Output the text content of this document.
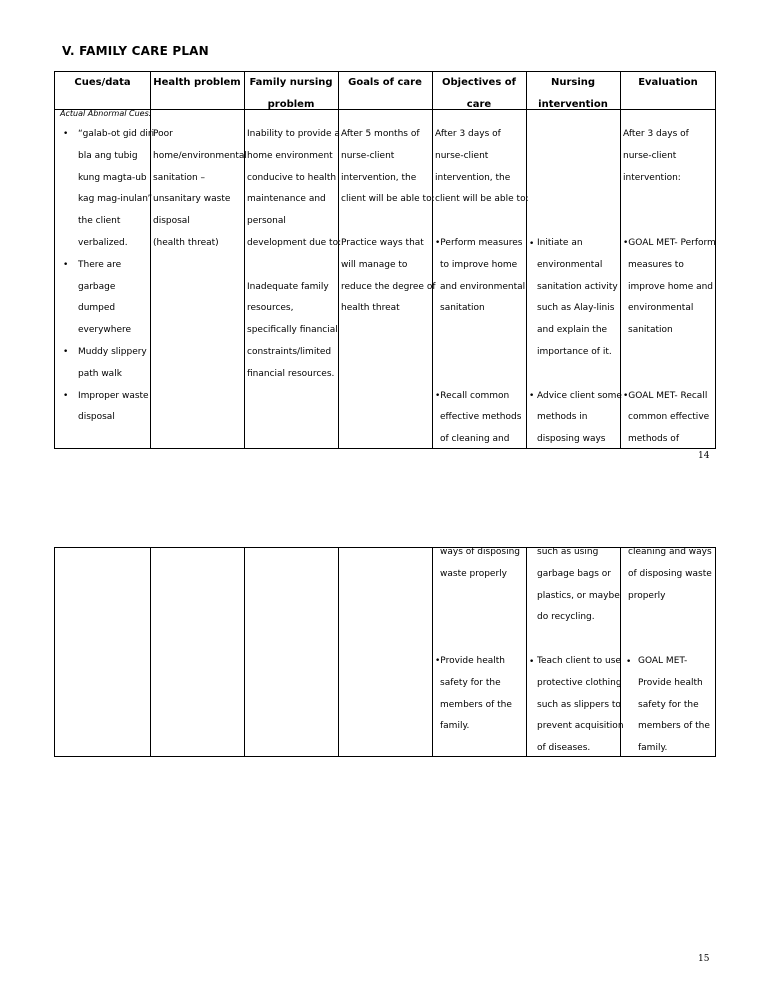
V. FAMILY CARE PLAN
Cues/data	Health problem Family nursing
problem
Goals of care	Objectives of
care
Nursing
intervention
Evaluation
Actual Abnormal Cues:
•
•
•
•
“galab-ot gid diri
bla ang tubig
kung magta-ub
kag mag-inulan”
the client
verbalized.
There are
garbage
dumped
everywhere
Muddy slippery
path walk
Improper waste
disposal
Poor
home/environmental
sanitation –
unsanitary waste
disposal
(health threat)
Inability to provide a
home environment
conducive to health
maintenance and
personal
development due to:
Inadequate family
resources,
specifically financial
constraints/limited
financial resources.
After 5 months of
nurse-client
intervention, the
client will be able to:
Practice ways that
will manage to
reduce the degree of
health threat
After 3 days of
nurse-client
intervention, the
client will be able to:
•Perform measures
to improve home
and environmental
sanitation
•Recall common
effective methods
of cleaning and
•
•
Initiate an
environmental
sanitation activity
such as Alay-linis
and explain the
importance of it.
Advice client some
methods in
disposing ways
After 3 days of
nurse-client
intervention:
•GOAL MET- Perform
measures to
improve home and
environmental
sanitation
•GOAL MET- Recall
common effective
methods of
14
ways of disposing
waste properly
•Provide health
safety for the
members of the
family.
•
such as using
garbage bags or
plastics, or maybe
do recycling.
Teach client to use
protective clothing
such as slippers to
prevent acquisition
of diseases.
•
cleaning and ways
of disposing waste
properly
GOAL MET-
Provide health
safety for the
members of the
family.
15
